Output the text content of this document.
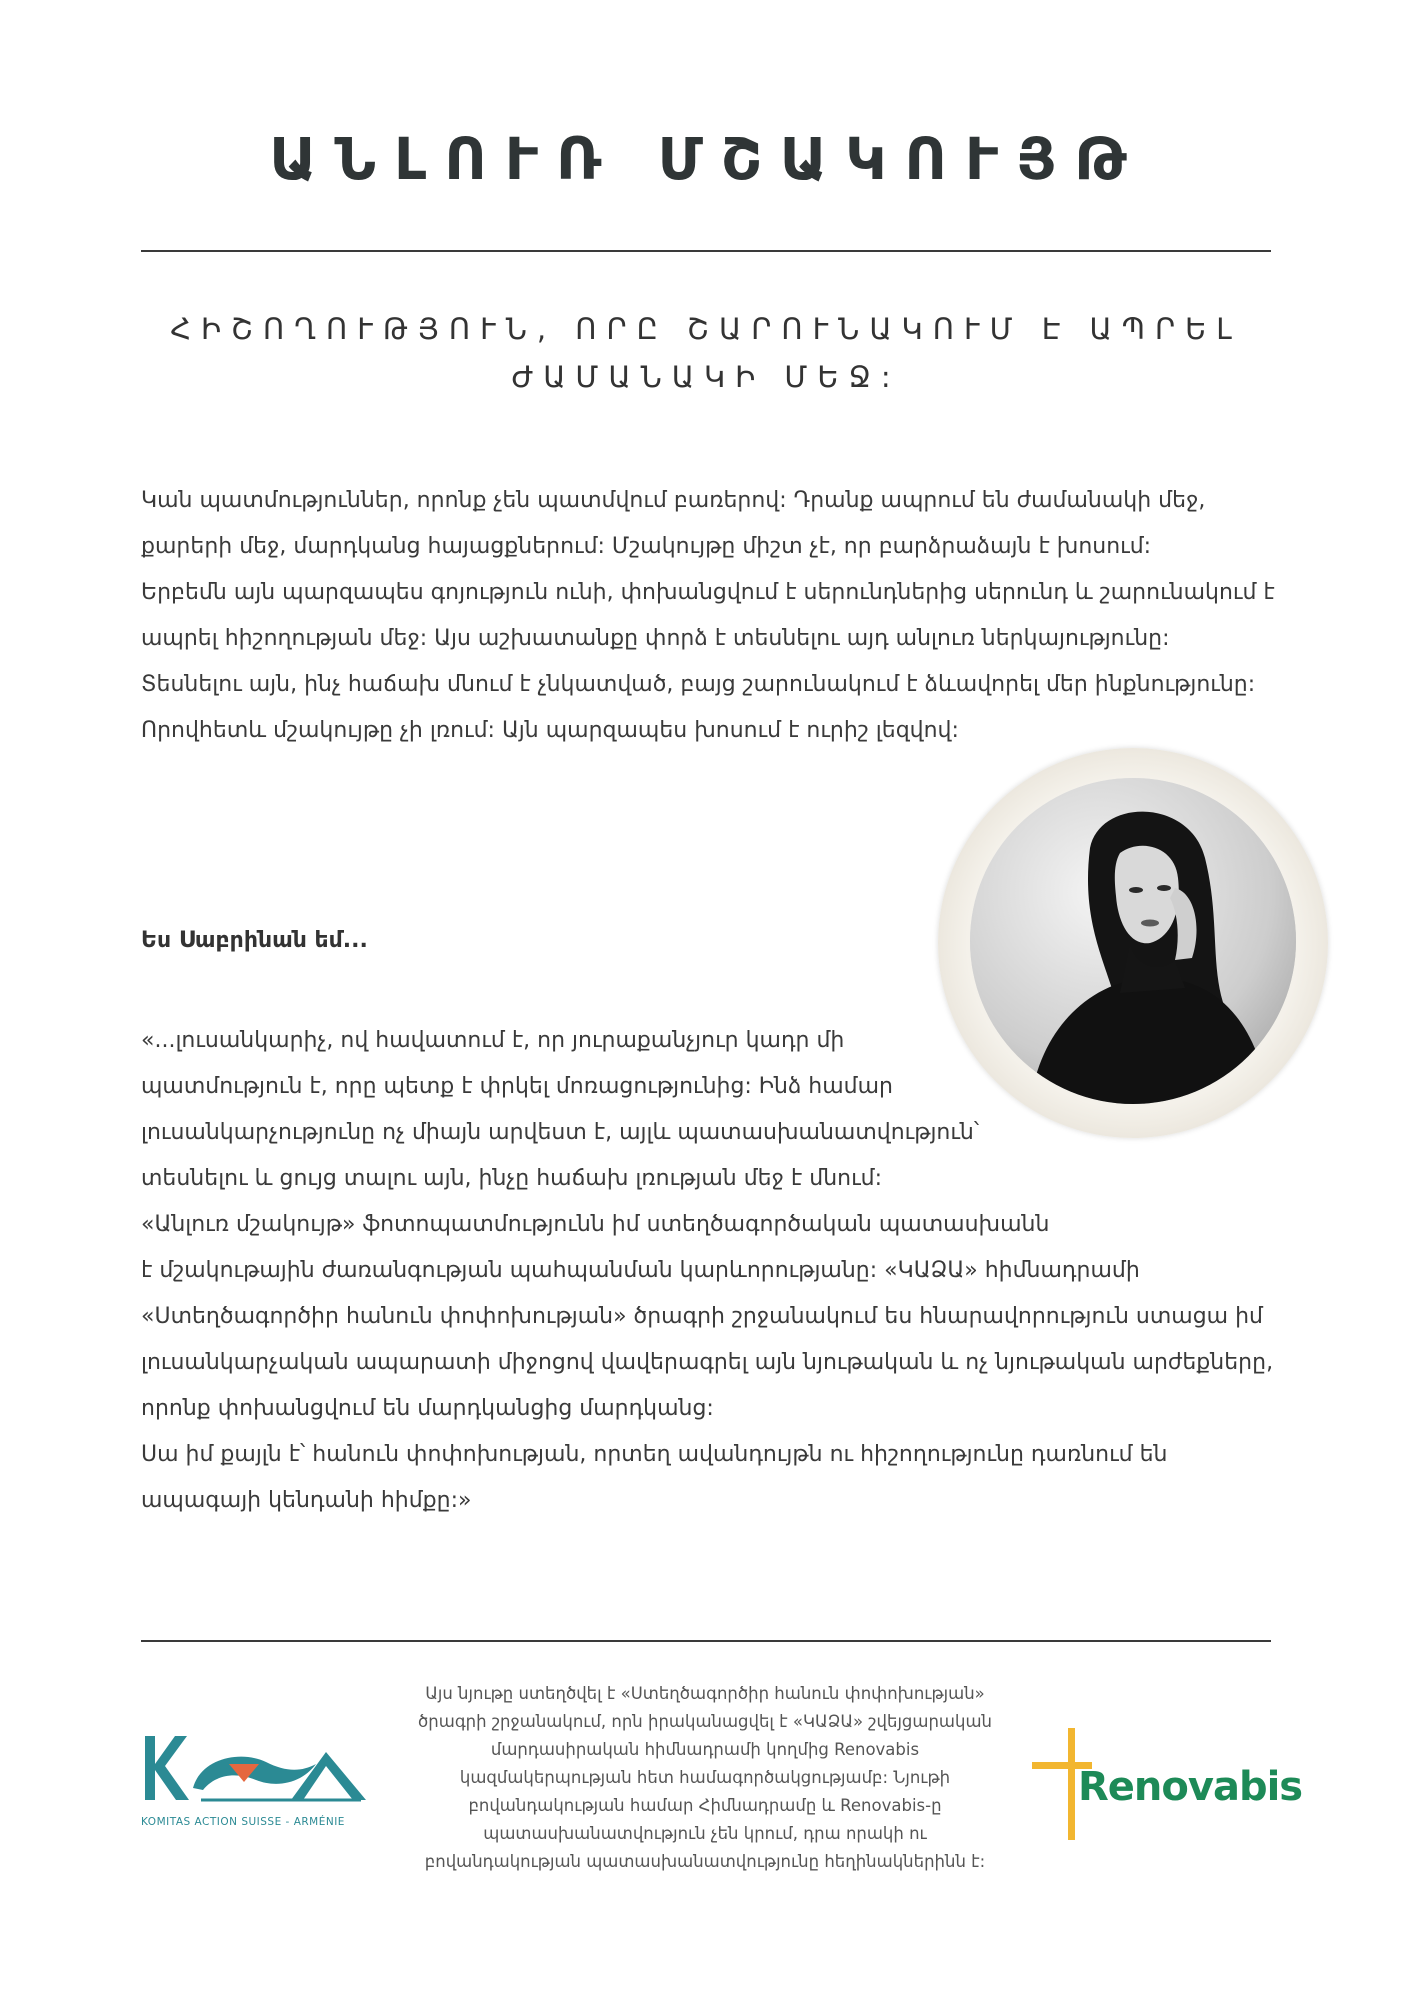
ԱՆԼՈՒՌ ՄՇԱԿՈՒՅԹ
ՀԻՇՈՂՈՒԹՅՈՒՆ, ՈՐԸ ՇԱՐՈՒՆԱԿՈՒՄ Է ԱՊՐԵԼ
ԺԱՄԱՆԱԿԻ ՄԵՋ:

Կան պատմություններ, որոնք չեն պատմվում բառերով: Դրանք ապրում են ժամանակի մեջ,

քարերի մեջ, մարդկանց հայացքներում: Մշակույթը միշտ չէ, որ բարձրաձայն է խոսում:

Երբեմն այն պարզապես գոյություն ունի, փոխանցվում է սերունդներից սերունդ և շարունակում է

ապրել հիշողության մեջ: Այս աշխատանքը փորձ է տեսնելու այդ անլուռ ներկայությունը:

Տեսնելու այն, ինչ հաճախ մնում է չնկատված, բայց շարունակում է ձևավորել մեր ինքնությունը:

Որովհետև մշակույթը չի լռում: Այն պարզապես խոսում է ուրիշ լեզվով:

Ես Սաբրինան եմ...

«...լուսանկարիչ, ով հավատում է, որ յուրաքանչյուր կադր մի

պատմություն է, որը պետք է փրկել մոռացությունից: Ինձ համար

լուսանկարչությունը ոչ միայն արվեստ է, այլև պատասխանատվություն՝

տեսնելու և ցույց տալու այն, ինչը հաճախ լռության մեջ է մնում:

«Անլուռ մշակույթ» ֆոտոպատմությունն իմ ստեղծագործական պատասխանն

է մշակութային ժառանգության պահպանման կարևորությանը: «ԿԱՁԱ» հիմնադրամի

«Ստեղծագործիր հանուն փոփոխության» ծրագրի շրջանակում ես հնարավորություն ստացա իմ

լուսանկարչական ապարատի միջոցով վավերագրել այն նյութական և ոչ նյութական արժեքները,

որոնք փոխանցվում են մարդկանցից մարդկանց:

Սա իմ քայլն է՝ հանուն փոփոխության, որտեղ ավանդույթն ու հիշողությունը դառնում են

ապագայի կենդանի հիմքը:»

KOMITAS ACTION SUISSE - ARMÉNIE

Այս նյութը ստեղծվել է «Ստեղծագործիր հանուն փոփոխության»

ծրագրի շրջանակում, որն իրականացվել է «ԿԱՁԱ» շվեյցարական

մարդասիրական հիմնադրամի կողմից Renovabis

կազմակերպության հետ համագործակցությամբ: Նյութի

բովանդակության համար Հիմնադրամը և Renovabis-ը

պատասխանատվություն չեն կրում, դրա որակի ու

բովանդակության պատասխանատվությունը հեղինակներինն է:

Renovabis
